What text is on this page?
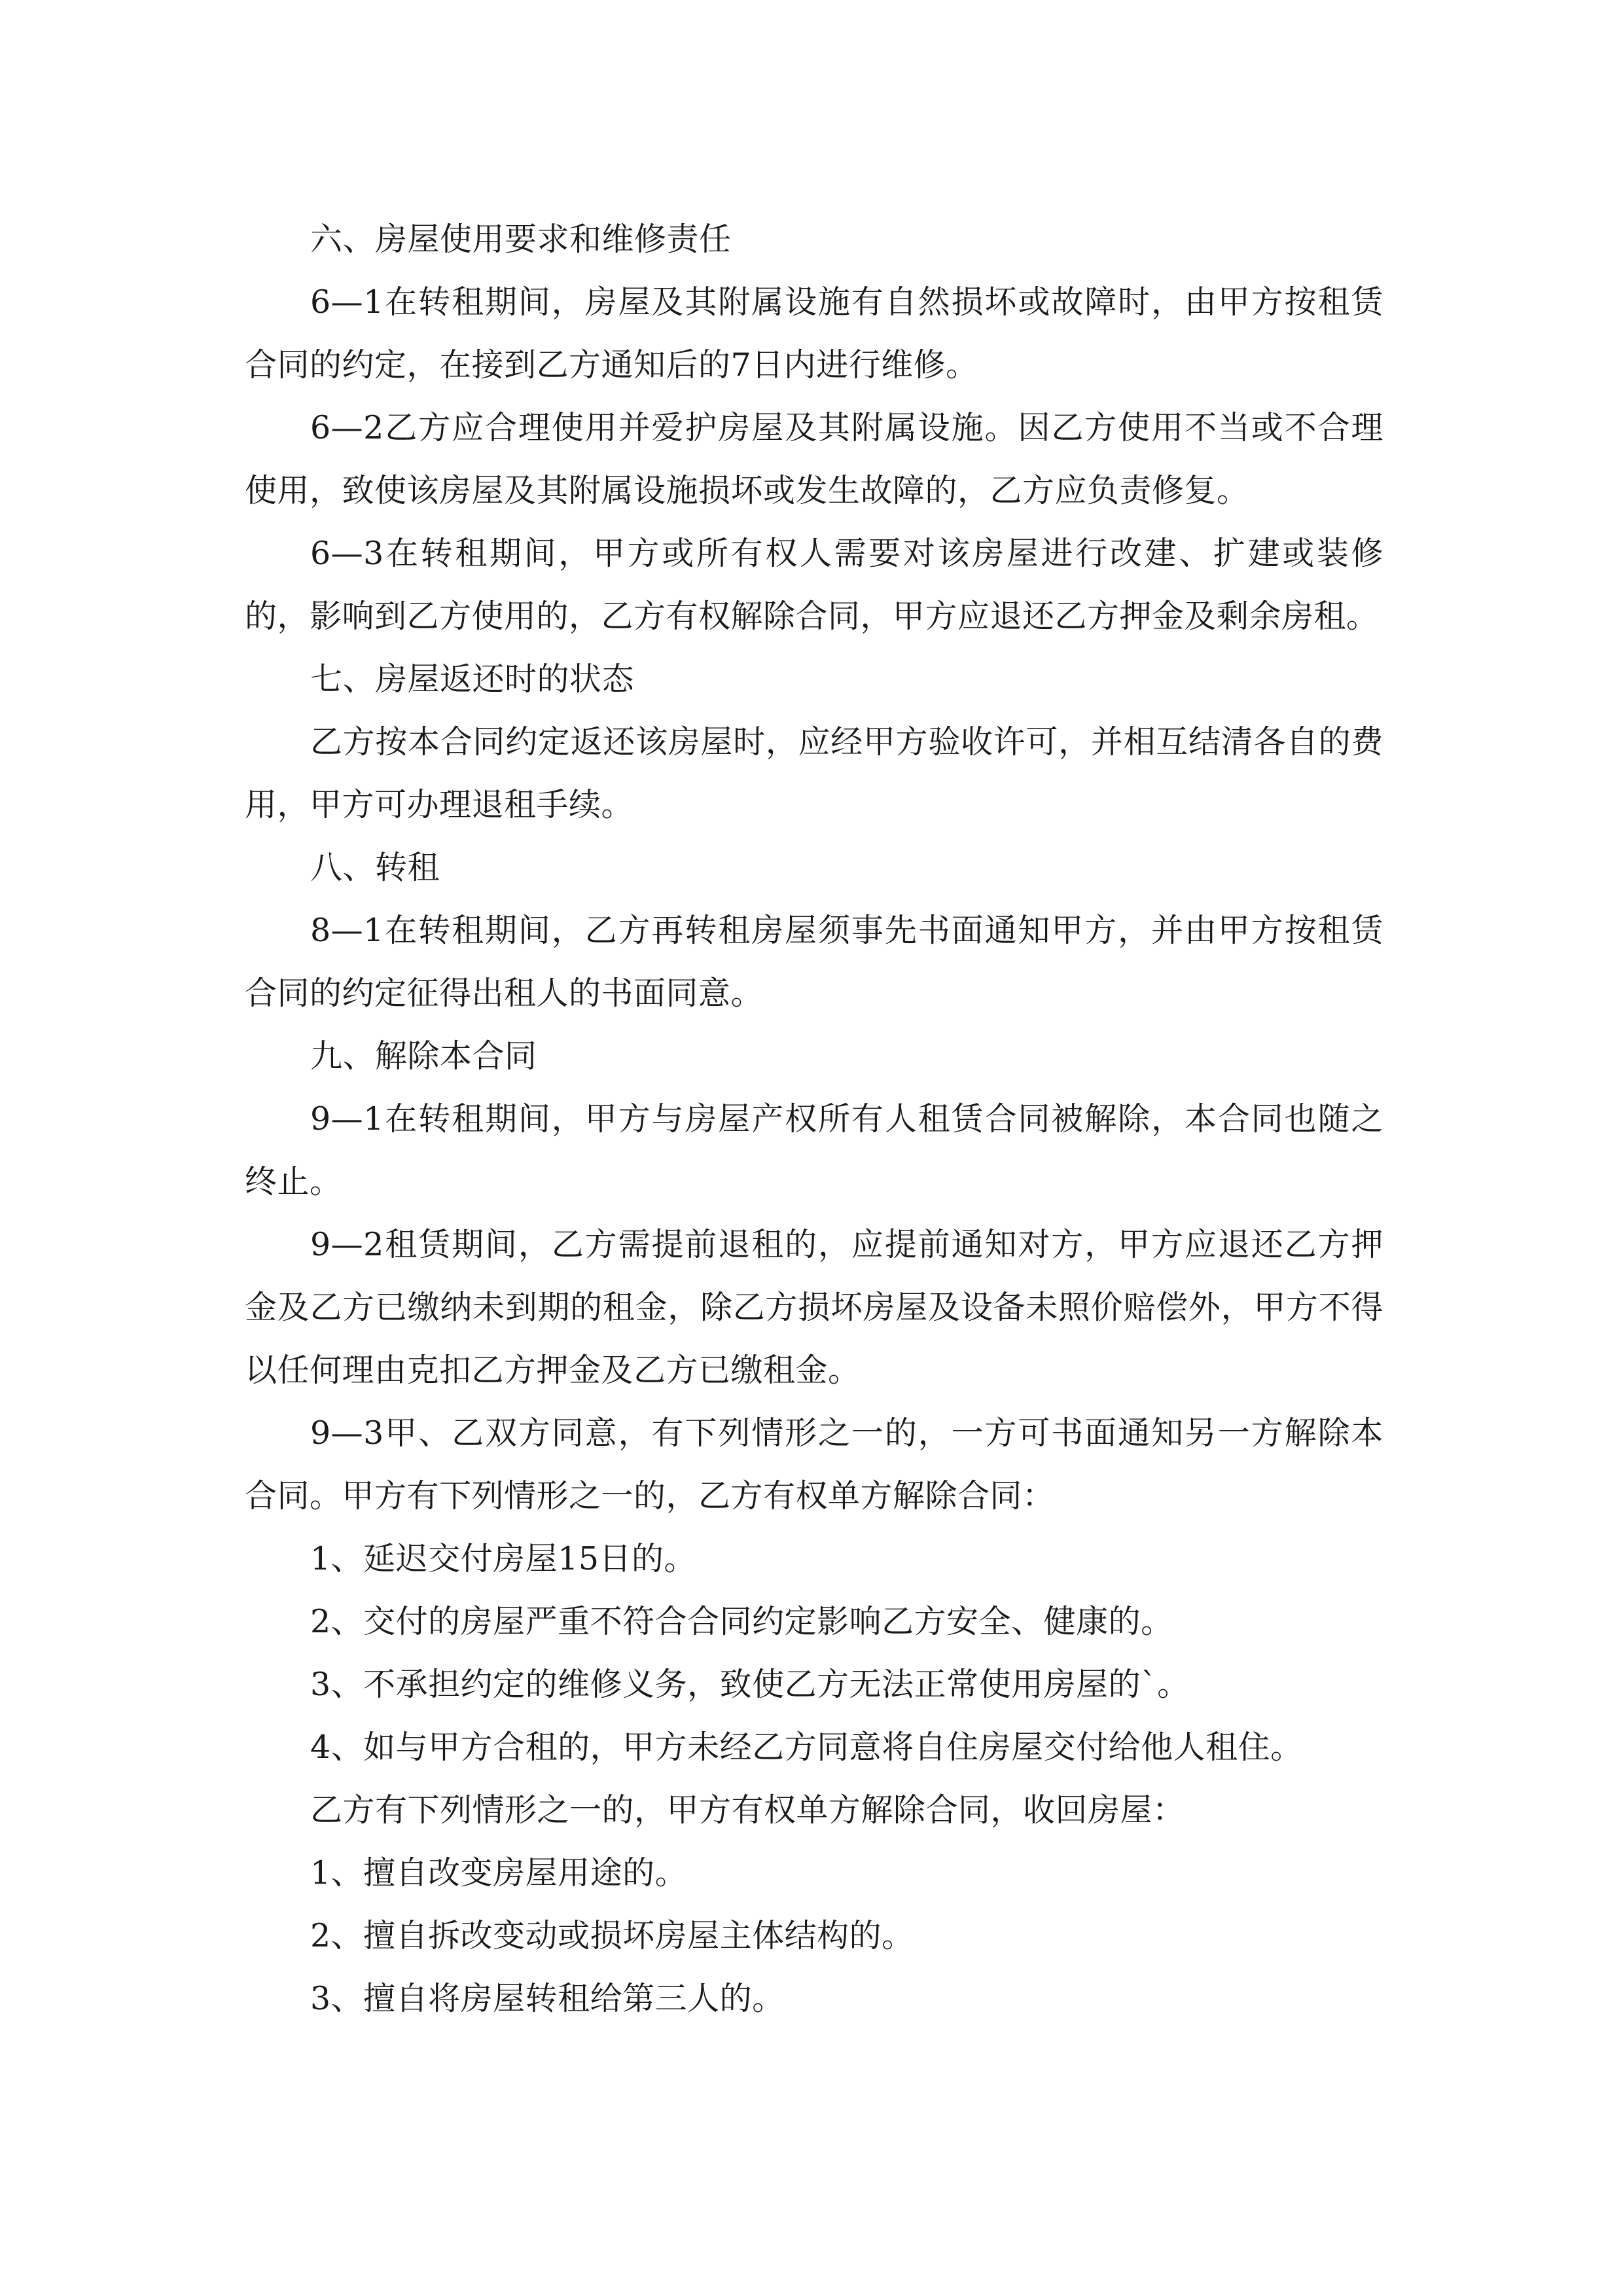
六、房屋使用要求和维修责任

6—1在转租期间，房屋及其附属设施有自然损坏或故障时，由甲方按租赁合同的约定，在接到乙方通知后的7日内进行维修。

6—2乙方应合理使用并爱护房屋及其附属设施。因乙方使用不当或不合理使用，致使该房屋及其附属设施损坏或发生故障的，乙方应负责修复。

6—3在转租期间，甲方或所有权人需要对该房屋进行改建、扩建或装修的，影响到乙方使用的，乙方有权解除合同，甲方应退还乙方押金及剩余房租。

七、房屋返还时的状态

乙方按本合同约定返还该房屋时，应经甲方验收许可，并相互结清各自的费用，甲方可办理退租手续。

八、转租

8—1在转租期间，乙方再转租房屋须事先书面通知甲方，并由甲方按租赁合同的约定征得出租人的书面同意。

九、解除本合同

9—1在转租期间，甲方与房屋产权所有人租赁合同被解除，本合同也随之终止。

9—2租赁期间，乙方需提前退租的，应提前通知对方，甲方应退还乙方押金及乙方已缴纳未到期的租金，除乙方损坏房屋及设备未照价赔偿外，甲方不得以任何理由克扣乙方押金及乙方已缴租金。

9—3甲、乙双方同意，有下列情形之一的，一方可书面通知另一方解除本合同。甲方有下列情形之一的，乙方有权单方解除合同：

1、延迟交付房屋15日的。

2、交付的房屋严重不符合合同约定影响乙方安全、健康的。

3、不承担约定的维修义务，致使乙方无法正常使用房屋的`。

4、如与甲方合租的，甲方未经乙方同意将自住房屋交付给他人租住。

乙方有下列情形之一的，甲方有权单方解除合同，收回房屋：

1、擅自改变房屋用途的。

2、擅自拆改变动或损坏房屋主体结构的。

3、擅自将房屋转租给第三人的。
